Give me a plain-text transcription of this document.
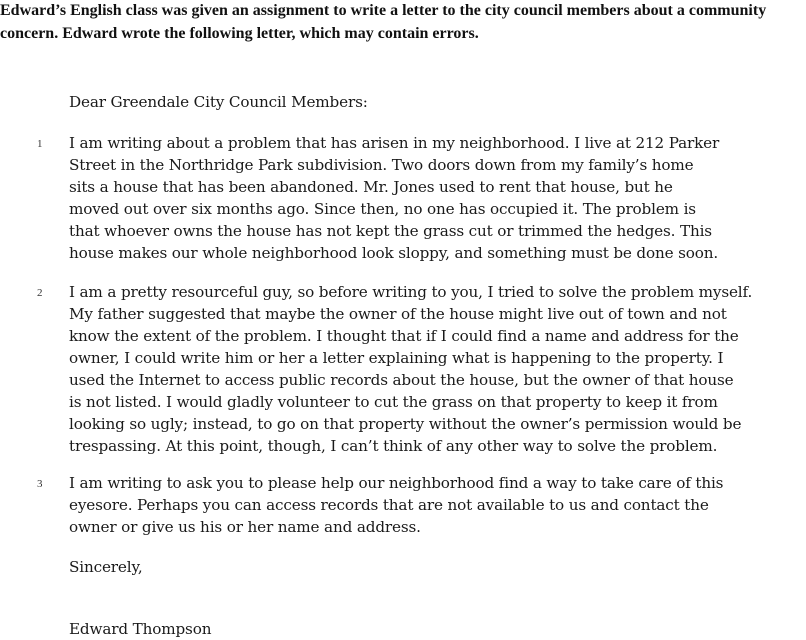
Edward’s English class was given an assignment to write a letter to the city council members about a community concern. Edward wrote the following letter, which may contain errors.

Dear Greendale City Council Members:

1 I am writing about a problem that has arisen in my neighborhood. I live at 212 Parker

Street in the Northridge Park subdivision. Two doors down from my family’s home

sits a house that has been abandoned. Mr. Jones used to rent that house, but he

moved out over six months ago. Since then, no one has occupied it. The problem is

that whoever owns the house has not kept the grass cut or trimmed the hedges. This

house makes our whole neighborhood look sloppy, and something must be done soon.

2 I am a pretty resourceful guy, so before writing to you, I tried to solve the problem myself.

My father suggested that maybe the owner of the house might live out of town and not

know the extent of the problem. I thought that if I could find a name and address for the

owner, I could write him or her a letter explaining what is happening to the property. I

used the Internet to access public records about the house, but the owner of that house

is not listed. I would gladly volunteer to cut the grass on that property to keep it from

looking so ugly; instead, to go on that property without the owner’s permission would be

trespassing. At this point, though, I can’t think of any other way to solve the problem.

3 I am writing to ask you to please help our neighborhood find a way to take care of this

eyesore. Perhaps you can access records that are not available to us and contact the

owner or give us his or her name and address.

Sincerely,

Edward Thompson
